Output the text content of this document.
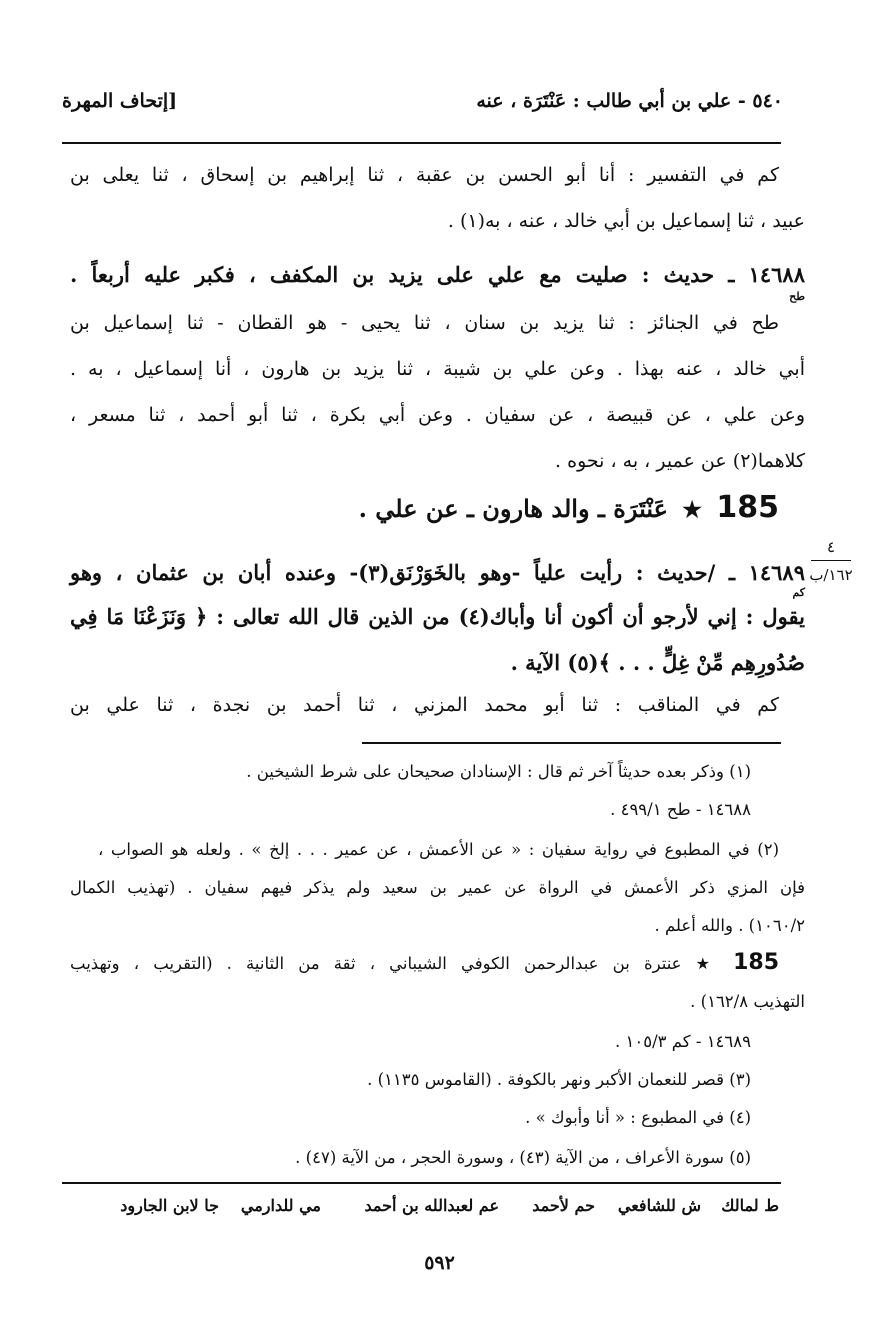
٥٤٠ - علي بن أبي طالب : عَنْتَرَة ، عنه
[إتحاف المهرة
كم في التفسير : أنا أبو الحسن بن عقبة ، ثنا إبراهيم بن إسحاق ، ثنا يعلى بن
عبيد ، ثنا إسماعيل بن أبي خالد ، عنه ، به(١) .
١٤٦٨٨ ـ حديث : صليت مع علي على يزيد بن المكفف ، فكبر عليه أربعاً .
طح
طح في الجنائز : ثنا يزيد بن سنان ، ثنا يحيى - هو القطان - ثنا إسماعيل بن
أبي خالد ، عنه بهذا . وعن علي بن شيبة ، ثنا يزيد بن هارون ، أنا إسماعيل ، به .
وعن علي ، عن قبيصة ، عن سفيان . وعن أبي بكرة ، ثنا أبو أحمد ، ثنا مسعر ،
كلاهما(٢) عن عمير ، به ، نحوه .
185 ★ عَنْتَرَة ـ والد هارون ـ عن علي .
٤
١٦٢/ب
١٤٦٨٩ ـ /حديث : رأيت علياً -وهو بالخَوَرْنَق(٣)- وعنده أبان بن عثمان ، وهو
كم
يقول : إني لأرجو أن أكون أنا وأباك(٤) من الذين قال الله تعالى : ﴿ وَنَزَعْنَا مَا فِي
صُدُورِهِم مِّنْ غِلٍّ . . . ﴾(٥) الآية .
كم في المناقب : ثنا أبو محمد المزني ، ثنا أحمد بن نجدة ، ثنا علي بن
(١) وذكر بعده حديثاً آخر ثم قال : الإسنادان صحيحان على شرط الشيخين .
١٤٦٨٨ - طح ٤٩٩/١ .
(٢) في المطبوع في رواية سفيان : « عن الأعمش ، عن عمير . . . إلخ » . ولعله هو الصواب ،
فإن المزي ذكر الأعمش في الرواة عن عمير بن سعيد ولم يذكر فيهم سفيان . (تهذيب الكمال
١٠٦٠/٢) . والله أعلم .
185 ★ عنترة بن عبدالرحمن الكوفي الشيباني ، ثقة من الثانية . (التقريب ، وتهذيب
التهذيب ١٦٢/٨) .
١٤٦٨٩ - كم ١٠٥/٣ .
(٣) قصر للنعمان الأكبر ونهر بالكوفة . (القاموس ١١٣٥) .
(٤) في المطبوع : « أنا وأبوك » .
(٥) سورة الأعراف ، من الآية (٤٣) ، وسورة الحجر ، من الآية (٤٧) .
ط لمالك
ش للشافعي
حم لأحمد
عم لعبدالله بن أحمد
مي للدارمي
جا لابن الجارود
٥٩٢
